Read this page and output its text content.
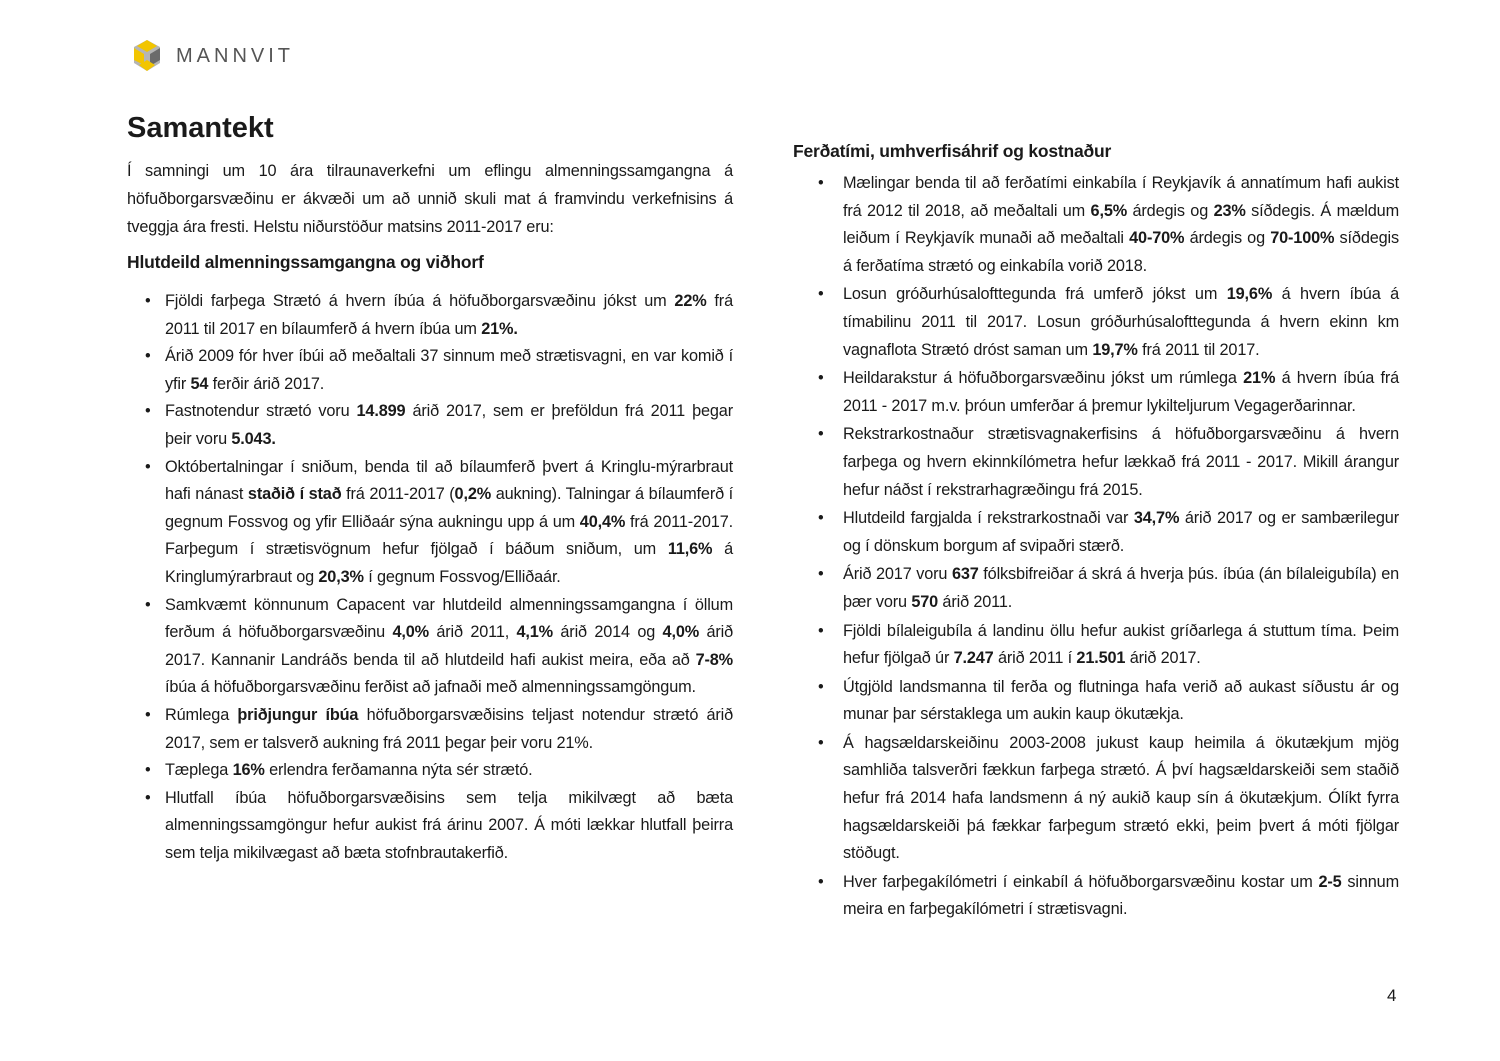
MANNVIT
Samantekt

Í samningi um 10 ára tilraunaverkefni um eflingu almenningssamgangna á höfuðborgarsvæðinu er ákvæði um að unnið skuli mat á framvindu verkefnisins á tveggja ára fresti. Helstu niðurstöður matsins 2011-2017 eru:

Hlutdeild almenningssamgangna og viðhorf
• Fjöldi farþega Strætó á hvern íbúa á höfuðborgarsvæðinu jókst um 22% frá 2011 til 2017 en bílaumferð á hvern íbúa um 21%.
• Árið 2009 fór hver íbúi að meðaltali 37 sinnum með strætisvagni, en var komið í yfir 54 ferðir árið 2017.
• Fastnotendur strætó voru 14.899 árið 2017, sem er þreföldun frá 2011 þegar þeir voru 5.043.
• Októbertalningar í sniðum, benda til að bílaumferð þvert á Kringlu-mýrarbraut hafi nánast staðið í stað frá 2011-2017 (0,2% aukning). Talningar á bílaumferð í gegnum Fossvog og yfir Elliðaár sýna aukningu upp á um 40,4% frá 2011-2017. Farþegum í strætisvögnum hefur fjölgað í báðum sniðum, um 11,6% á Kringlumýrarbraut og 20,3% í gegnum Fossvog/Elliðaár.
• Samkvæmt könnunum Capacent var hlutdeild almenningssamgangna í öllum ferðum á höfuðborgarsvæðinu 4,0% árið 2011, 4,1% árið 2014 og 4,0% árið 2017. Kannanir Landráðs benda til að hlutdeild hafi aukist meira, eða að 7-8% íbúa á höfuðborgarsvæðinu ferðist að jafnaði með almenningssamgöngum.
• Rúmlega þriðjungur íbúa höfuðborgarsvæðisins teljast notendur strætó árið 2017, sem er talsverð aukning frá 2011 þegar þeir voru 21%.
• Tæplega 16% erlendra ferðamanna nýta sér strætó.
• Hlutfall íbúa höfuðborgarsvæðisins sem telja mikilvægt að bæta almenningssamgöngur hefur aukist frá árinu 2007. Á móti lækkar hlutfall þeirra sem telja mikilvægast að bæta stofnbrautakerfið.
Ferðatími, umhverfisáhrif og kostnaður
• Mælingar benda til að ferðatími einkabíla í Reykjavík á annatímum hafi aukist frá 2012 til 2018, að meðaltali um 6,5% árdegis og 23% síðdegis. Á mældum leiðum í Reykjavík munaði að meðaltali 40-70% árdegis og 70-100% síðdegis á ferðatíma strætó og einkabíla vorið 2018.
• Losun gróðurhúsalofttegunda frá umferð jókst um 19,6% á hvern íbúa á tímabilinu 2011 til 2017. Losun gróðurhúsalofttegunda á hvern ekinn km vagnaflota Strætó dróst saman um 19,7% frá 2011 til 2017.
• Heildarakstur á höfuðborgarsvæðinu jókst um rúmlega 21% á hvern íbúa frá 2011 - 2017 m.v. þróun umferðar á þremur lykilteljurum Vegagerðarinnar.
• Rekstrarkostnaður strætisvagnakerfisins á höfuðborgarsvæðinu á hvern farþega og hvern ekinnkílómetra hefur lækkað frá 2011 - 2017. Mikill árangur hefur náðst í rekstrarhagræðingu frá 2015.
• Hlutdeild fargjalda í rekstrarkostnaði var 34,7% árið 2017 og er sambærilegur og í dönskum borgum af svipaðri stærð.
• Árið 2017 voru 637 fólksbifreiðar á skrá á hverja þús. íbúa (án bílaleigubíla) en þær voru 570 árið 2011.
• Fjöldi bílaleigubíla á landinu öllu hefur aukist gríðarlega á stuttum tíma. Þeim hefur fjölgað úr 7.247 árið 2011 í 21.501 árið 2017.
• Útgjöld landsmanna til ferða og flutninga hafa verið að aukast síðustu ár og munar þar sérstaklega um aukin kaup ökutækja.
• Á hagsældarskeiðinu 2003-2008 jukust kaup heimila á ökutækjum mjög samhliða talsverðri fækkun farþega strætó. Á því hagsældarskeiði sem staðið hefur frá 2014 hafa landsmenn á ný aukið kaup sín á ökutækjum. Ólíkt fyrra hagsældarskeiði þá fækkar farþegum strætó ekki, þeim þvert á móti fjölgar stöðugt.
• Hver farþegakílómetri í einkabíl á höfuðborgarsvæðinu kostar um 2-5 sinnum meira en farþegakílómetri í strætisvagni.
4
